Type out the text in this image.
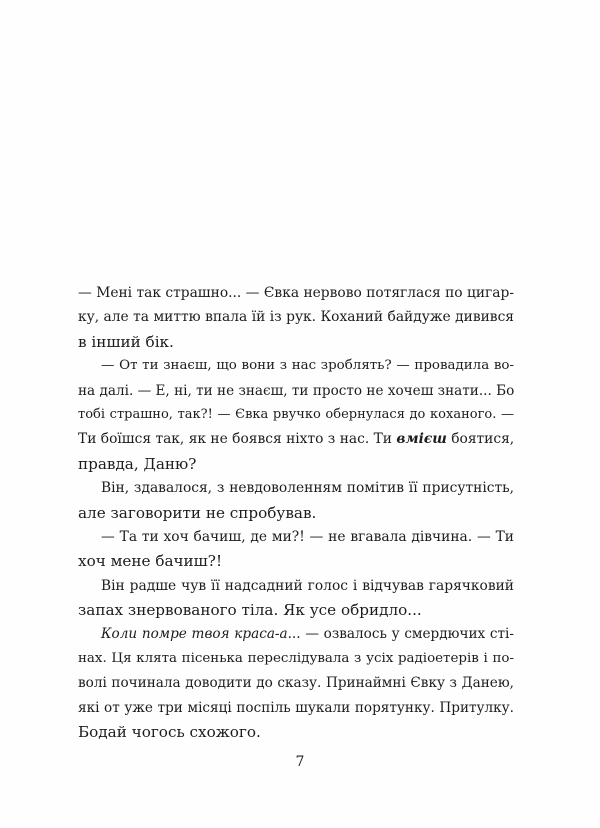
— Мені так страшно... — Євка нервово потяглася по цигар-
ку, але та миттю впала їй із рук. Коханий байдуже дивився
в інший бік.
— От ти знаєш, що вони з нас зроблять? — провадила во-
на далі. — Е, ні, ти не знаєш, ти просто не хочеш знати... Бо
тобі страшно, так?! — Євка рвучко обернулася до коханого. —
Ти боїшся так, як не боявся ніхто з нас. Ти вмієш боятися,
правда, Даню?
Він, здавалося, з невдоволенням помітив її присутність,
але заговорити не спробував.
— Та ти хоч бачиш, де ми?! — не вгавала дівчина. — Ти
хоч мене бачиш?!
Він радше чув її надсадний голос і відчував гарячковий
запах знервованого тіла. Як усе обридло...
Коли помре твоя краса-а... — озвалось у смердючих сті-
нах. Ця клята пісенька переслідувала з усіх радіоетерів і по-
волі починала доводити до сказу. Принаймні Євку з Данею,
які от уже три місяці поспіль шукали порятунку. Притулку.
Бодай чогось схожого.
7
